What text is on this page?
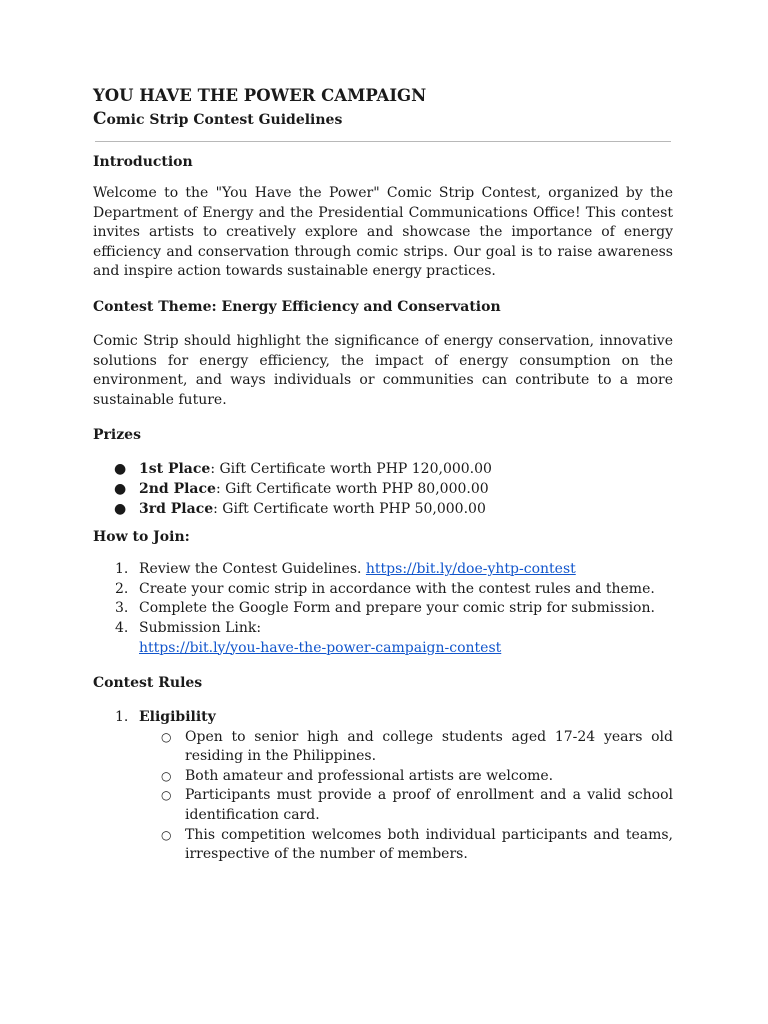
YOU HAVE THE POWER CAMPAIGN
Comic Strip Contest Guidelines
Introduction

Welcome to the "You Have the Power" Comic Strip Contest, organized by the Department of Energy and the Presidential Communications Office! This contest invites artists to creatively explore and showcase the importance of energy efficiency and conservation through comic strips. Our goal is to raise awareness and inspire action towards sustainable energy practices.

Contest Theme: Energy Efficiency and Conservation

Comic Strip should highlight the significance of energy conservation, innovative solutions for energy efficiency, the impact of energy consumption on the environment, and ways individuals or communities can contribute to a more sustainable future.

Prizes
● 1st Place: Gift Certificate worth PHP 120,000.00
● 2nd Place: Gift Certificate worth PHP 80,000.00
● 3rd Place: Gift Certificate worth PHP 50,000.00
How to Join:
1. Review the Contest Guidelines. https://bit.ly/doe-yhtp-contest
2. Create your comic strip in accordance with the contest rules and theme.
3. Complete the Google Form and prepare your comic strip for submission.
4. Submission Link:
https://bit.ly/you-have-the-power-campaign-contest
Contest Rules
1. Eligibility
○ Open to senior high and college students aged 17-24 years old residing in the Philippines.
○ Both amateur and professional artists are welcome.
○ Participants must provide a proof of enrollment and a valid school identification card.
○ This competition welcomes both individual participants and teams, irrespective of the number of members.
